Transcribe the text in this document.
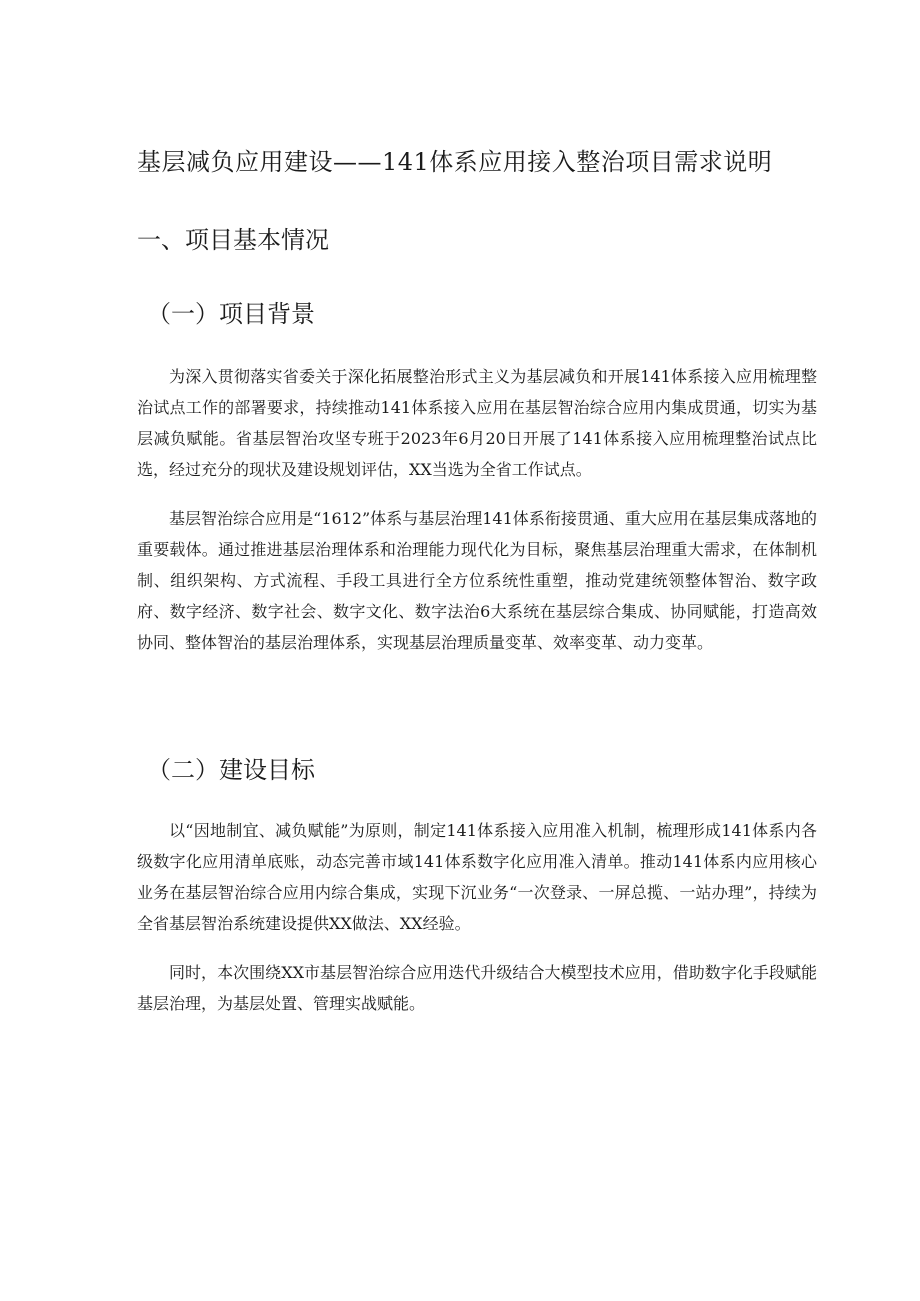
基层减负应用建设——141体系应用接入整治项目需求说明
一、项目基本情况
（一）项目背景

为深入贯彻落实省委关于深化拓展整治形式主义为基层减负和开展141体系接入应用梳理整治试点工作的部署要求，持续推动141体系接入应用在基层智治综合应用内集成贯通，切实为基层减负赋能。省基层智治攻坚专班于2023年6月20日开展了141体系接入应用梳理整治试点比选，经过充分的现状及建设规划评估，XX当选为全省工作试点。

基层智治综合应用是“1612”体系与基层治理141体系衔接贯通、重大应用在基层集成落地的重要载体。通过推进基层治理体系和治理能力现代化为目标，聚焦基层治理重大需求，在体制机制、组织架构、方式流程、手段工具进行全方位系统性重塑，推动党建统领整体智治、数字政府、数字经济、数字社会、数字文化、数字法治6大系统在基层综合集成、协同赋能，打造高效协同、整体智治的基层治理体系，实现基层治理质量变革、效率变革、动力变革。

（二）建设目标

以“因地制宜、减负赋能”为原则，制定141体系接入应用准入机制，梳理形成141体系内各级数字化应用清单底账，动态完善市域141体系数字化应用准入清单。推动141体系内应用核心业务在基层智治综合应用内综合集成，实现下沉业务“一次登录、一屏总揽、一站办理”，持续为全省基层智治系统建设提供XX做法、XX经验。

同时，本次围绕XX市基层智治综合应用迭代升级结合大模型技术应用，借助数字化手段赋能基层治理，为基层处置、管理实战赋能。
